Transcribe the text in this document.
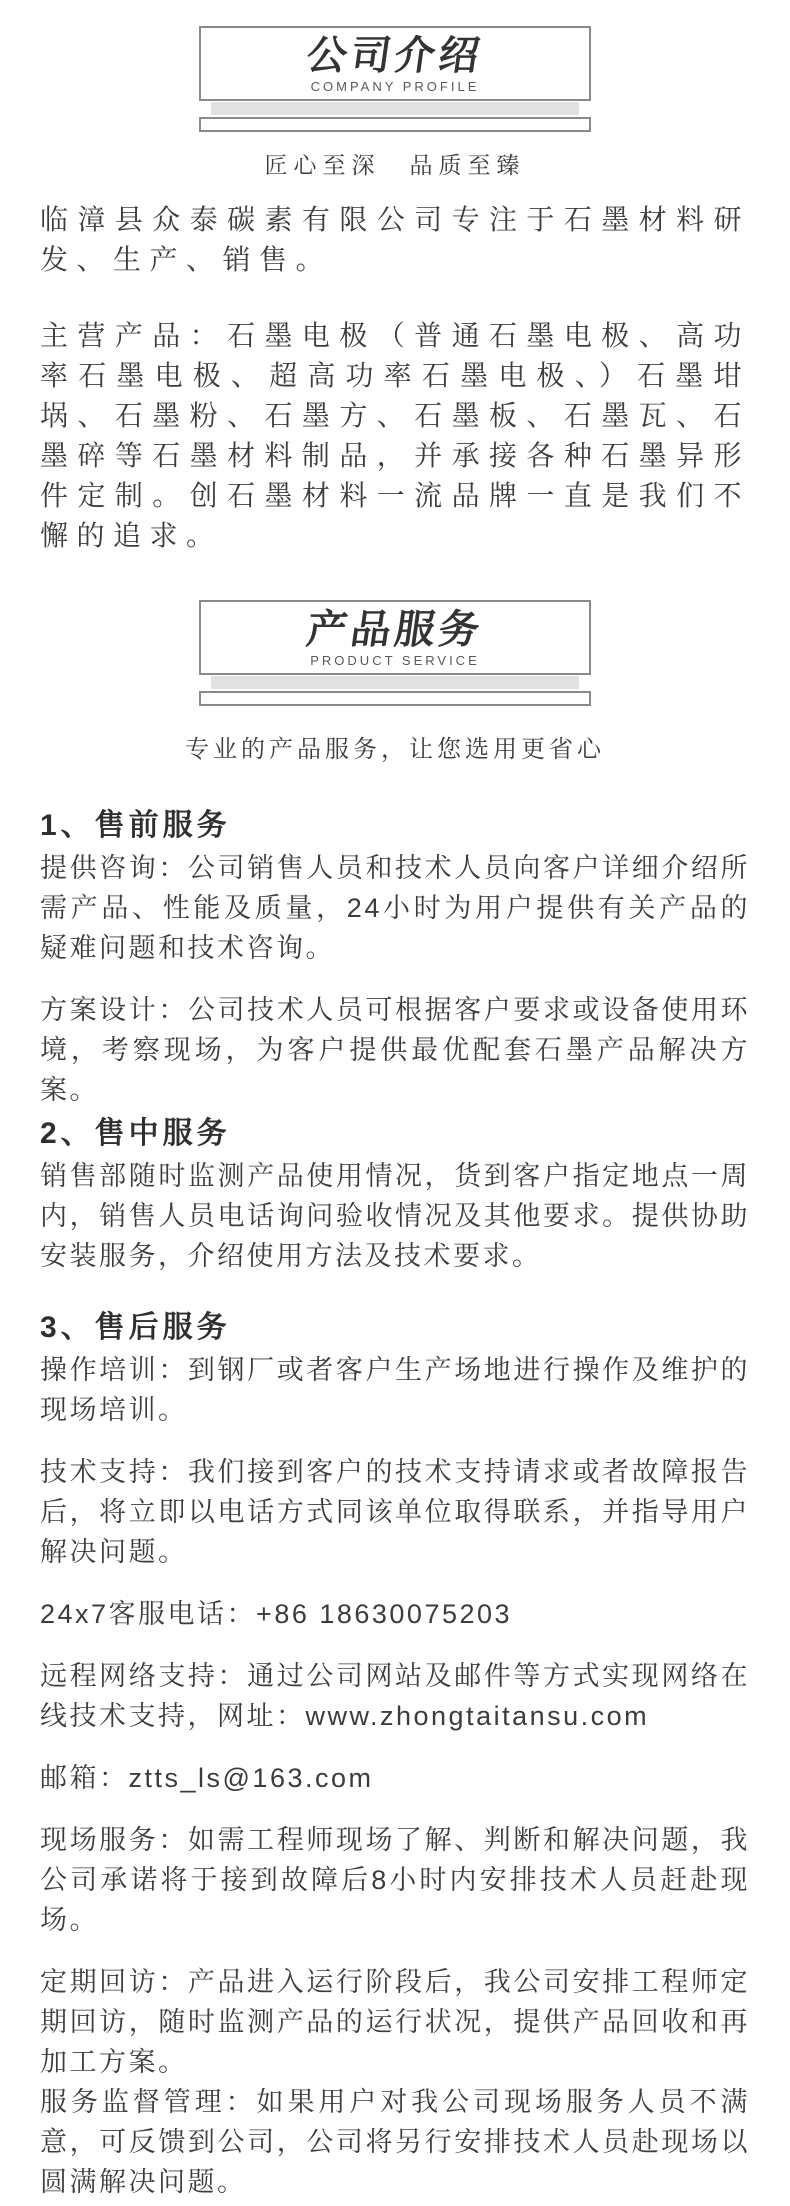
公司介绍
COMPANY PROFILE
匠心至深　品质至臻

临漳县众泰碳素有限公司专注于石墨材料研发、生产、销售。

主营产品：石墨电极（普通石墨电极、高功率石墨电极、超高功率石墨电极、）石墨坩埚、石墨粉、石墨方、石墨板、石墨瓦、石墨碎等石墨材料制品，并承接各种石墨异形件定制。创石墨材料一流品牌一直是我们不懈的追求。

产品服务
PRODUCT SERVICE
专业的产品服务，让您选用更省心
1、售前服务

提供咨询：公司销售人员和技术人员向客户详细介绍所需产品、性能及质量，24小时为用户提供有关产品的疑难问题和技术咨询。

方案设计：公司技术人员可根据客户要求或设备使用环境，考察现场，为客户提供最优配套石墨产品解决方案。

2、售中服务

销售部随时监测产品使用情况，货到客户指定地点一周内，销售人员电话询问验收情况及其他要求。提供协助安装服务，介绍使用方法及技术要求。

3、售后服务

操作培训：到钢厂或者客户生产场地进行操作及维护的现场培训。

技术支持：我们接到客户的技术支持请求或者故障报告后，将立即以电话方式同该单位取得联系，并指导用户解决问题。

24x7客服电话：+86 18630075203

远程网络支持：通过公司网站及邮件等方式实现网络在线技术支持，网址：www.zhongtaitansu.com

邮箱：ztts_ls@163.com

现场服务：如需工程师现场了解、判断和解决问题，我公司承诺将于接到故障后8小时内安排技术人员赶赴现场。

定期回访：产品进入运行阶段后，我公司安排工程师定期回访，随时监测产品的运行状况，提供产品回收和再加工方案。

服务监督管理：如果用户对我公司现场服务人员不满意，可反馈到公司，公司将另行安排技术人员赴现场以圆满解决问题。
